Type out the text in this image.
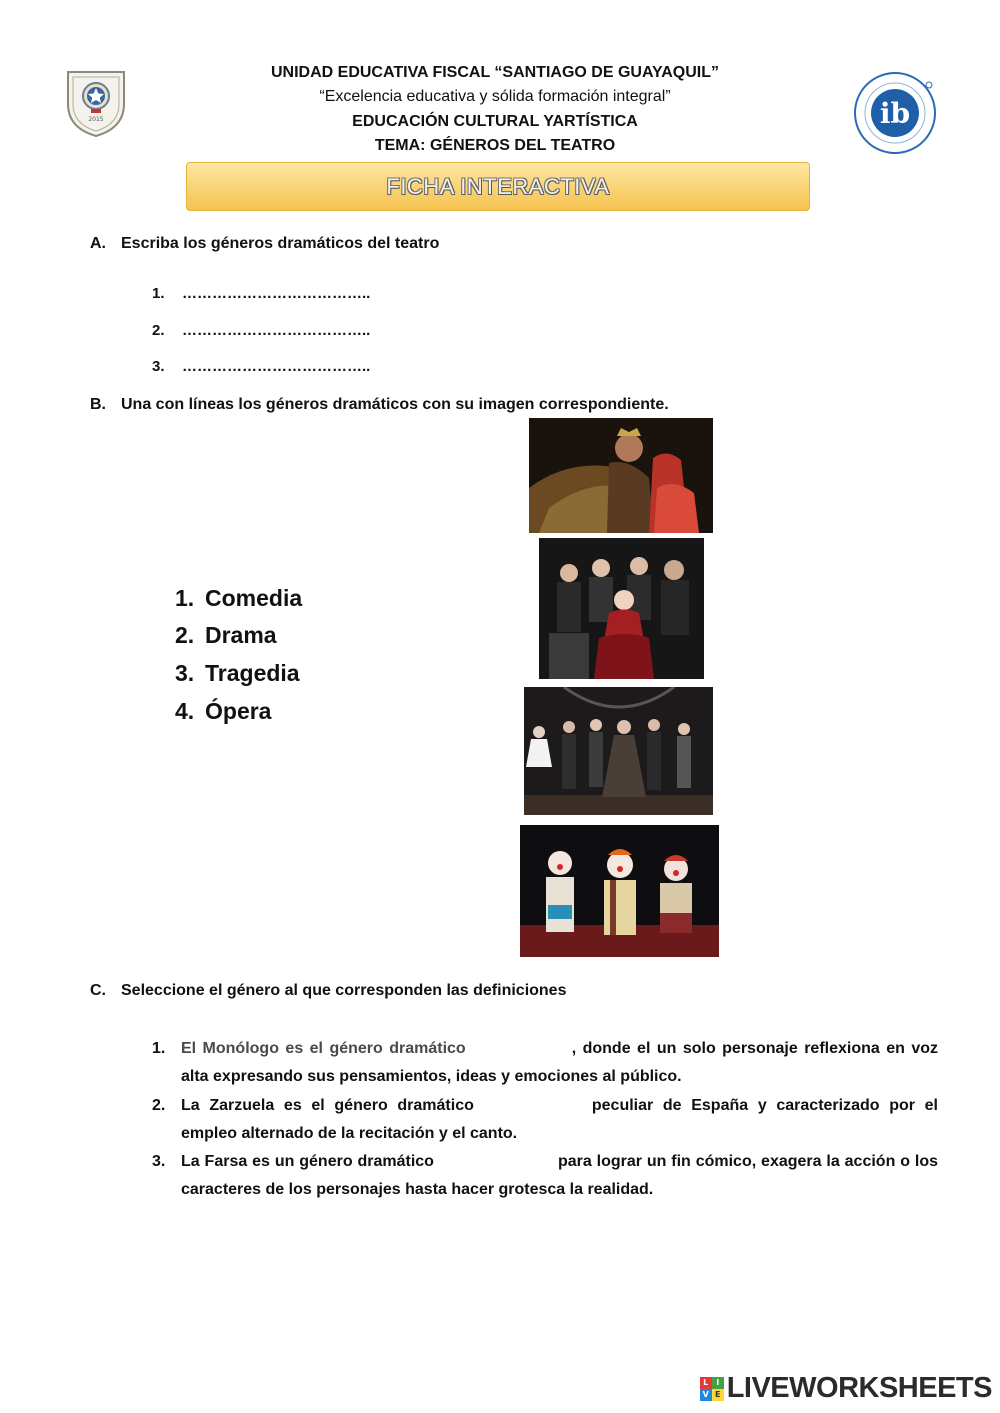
2015	ib
UNIDAD EDUCATIVA FISCAL “SANTIAGO DE GUAYAQUIL”
“Excelencia educativa y sólida formación integral”
EDUCACIÓN CULTURAL YARTÍSTICA
TEMA: GÉNEROS DEL TEATRO
FICHA INTERACTIVA
A. Escriba los géneros dramáticos del teatro
1. ………………………………..
2. ………………………………..
3. ………………………………..
B. Una con líneas los géneros dramáticos con su imagen correspondiente.
1. Comedia
2. Drama
3. Tragedia
4. Ópera
C. Seleccione el género al que corresponden las definiciones
1. El Monólogo es el género dramático	, donde el un solo personaje reflexiona en voz alta expresando sus pensamientos, ideas y emociones al público.
2. La Zarzuela es el género dramático	peculiar de España y caracterizado por el empleo alternado de la recitación y el canto.
3. La Farsa es un género dramático	para lograr un fin cómico, exagera la acción o los caracteres de los personajes hasta hacer grotesca la realidad.
L I
V E LIVEWORKSHEETS
